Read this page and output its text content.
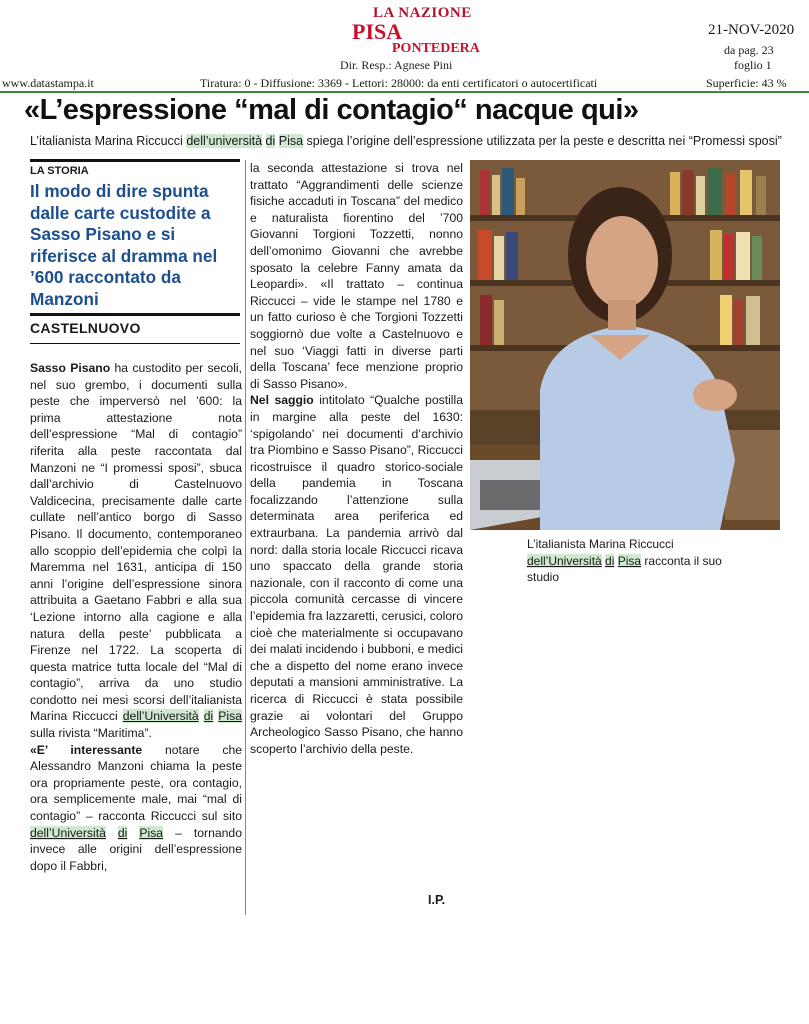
LA NAZIONE
PISA
PONTEDERA
Dir. Resp.: Agnese Pini
21-NOV-2020
da pag. 23
foglio 1
www.datastampa.it	Tiratura: 0 - Diffusione: 3369 - Lettori: 28000: da enti certificatori o autocertificati	Superficie: 43 %
«L’espressione “mal di contagio“ nacque qui»
L’italianista Marina Riccucci dell’università di Pisa spiega l’origine dell’espressione utilizzata per la peste e descritta nei “Promessi sposi”
LA STORIA
Il modo di dire spunta dalle carte custodite a Sasso Pisano e si riferisce al dramma nel ’600 raccontato da Manzoni
CASTELNUOVO

Sasso Pisano ha custodito per secoli, nel suo grembo, i documenti sulla peste che imperversò nel ’600: la prima attestazione nota dell’espressione “Mal di contagio” riferita alla peste raccontata dal Manzoni ne “I promessi sposi”, sbuca dall’archivio di Castelnuovo Valdicecina, precisamente dalle carte cullate nell’antico borgo di Sasso Pisano. Il documento, contemporaneo allo scoppio dell’epidemia che colpì la Maremma nel 1631, anticipa di 150 anni l’origine dell’espressione sinora attribuita a Gaetano Fabbri e alla sua ‘Lezione intorno alla cagione e alla natura della peste’ pubblicata a Firenze nel 1722. La scoperta di questa matrice tutta locale del “Mal di contagio”, arriva da uno studio condotto nei mesi scorsi dell’italianista Marina Riccucci dell’Università di Pisa sulla rivista “Maritima”.

«E’ interessante notare che Alessandro Manzoni chiama la peste ora propriamente peste, ora contagio, ora semplicemente male, mai “mal di contagio” – racconta Riccucci sul sito dell’Università di Pisa – tornando invece alle origini dell’espressione dopo il Fabbri,

la seconda attestazione si trova nel trattato “Aggrandimenti delle scienze fisiche accaduti in Toscana” del medico e naturalista fiorentino del ’700 Giovanni Torgioni Tozzetti, nonno dell’omonimo Giovanni che avrebbe sposato la celebre Fanny amata da Leopardi». «Il trattato – continua Riccucci – vide le stampe nel 1780 e un fatto curioso è che Torgioni Tozzetti soggiornò due volte a Castelnuovo e nel suo ‘Viaggi fatti in diverse parti della Toscana’ fece menzione proprio di Sasso Pisano».

Nel saggio intitolato “Qualche postilla in margine alla peste del 1630: ‘spigolando’ nei documenti d’archivio tra Piombino e Sasso Pisano”, Riccucci ricostruisce il quadro storico-sociale della pandemia in Toscana focalizzando l’attenzione sulla determinata area periferica ed extraurbana. La pandemia arrivò dal nord: dalla storia locale Riccucci ricava uno spaccato della grande storia nazionale, con il racconto di come una piccola comunità cercasse di vincere l’epidemia fra lazzaretti, cerusici, coloro cioè che materialmente si occupavano dei malati incidendo i bubboni, e medici che a dispetto del nome erano invece deputati a mansioni amministrative. La ricerca di Riccucci è stata possibile grazie ai volontari del Gruppo Archeologico Sasso Pisano, che hanno scoperto l’archivio della peste.

I.P.
L’italianista Marina Riccucci
dell’Università di Pisa racconta il suo studio
